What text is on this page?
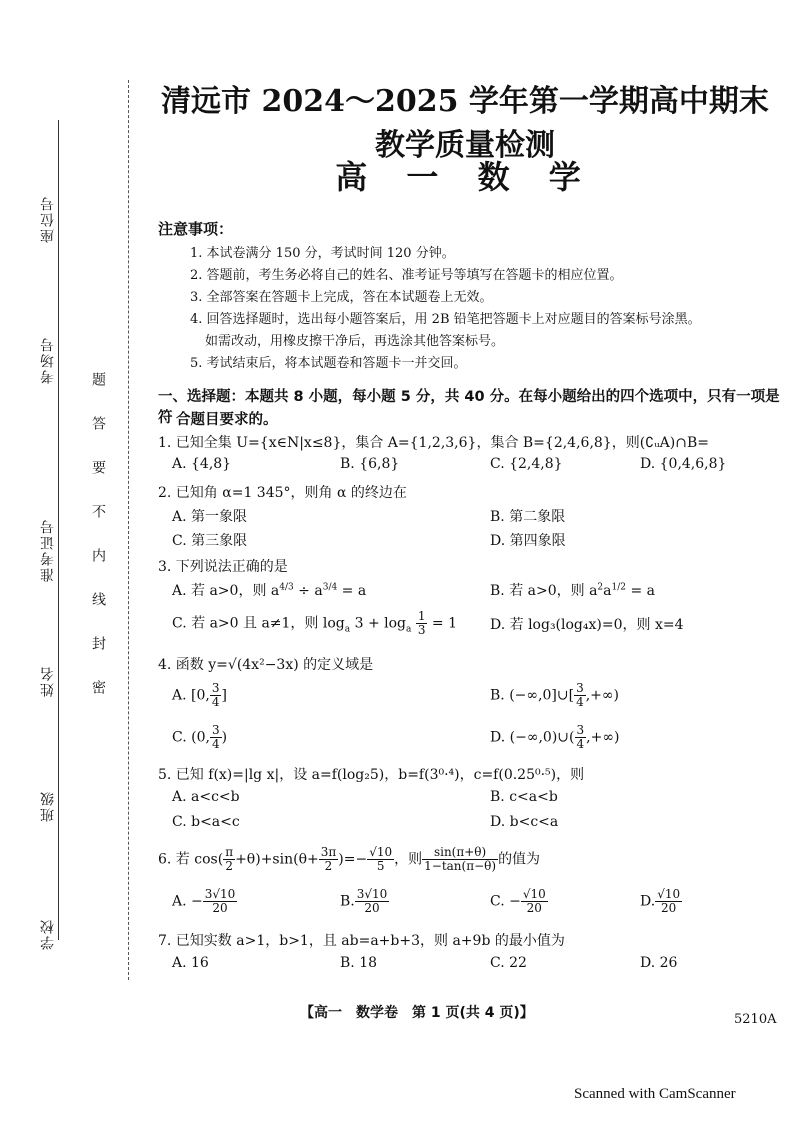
座位号
考场号
准考证号
姓名
班级
学校
题
答
要
不
内
线
封
密
清远市 2024～2025 学年第一学期高中期末教学质量检测
高 一 数 学
注意事项：
1. 本试卷满分 150 分，考试时间 120 分钟。
2. 答题前，考生务必将自己的姓名、准考证号等填写在答题卡的相应位置。
3. 全部答案在答题卡上完成，答在本试题卷上无效。
4. 回答选择题时，选出每小题答案后，用 2B 铅笔把答题卡上对应题目的答案标号涂黑。
如需改动，用橡皮擦干净后，再选涂其他答案标号。
5. 考试结束后，将本试题卷和答题卡一并交回。
一、选择题：本题共 8 小题，每小题 5 分，共 40 分。在每小题给出的四个选项中，只有一项是符 合题目要求的。
1. 已知全集 U={x∈N|x≤8}，集合 A={1,2,3,6}，集合 B={2,4,6,8}，则(∁ᵤA)∩B=
A. {4,8}	B. {6,8}	C. {2,4,8}	D. {0,4,6,8}
2. 已知角 α=1 345°，则角 α 的终边在
A. 第一象限	B. 第二象限
C. 第三象限	D. 第四象限
3. 下列说法正确的是
A. 若 a>0，则 $a^{4/3} \div a^{3/4} = a$	B. 若 a>0，则 $a^2a^{1/2} = a$
C. 若 a>0 且 a≠1，则 $\log_a 3 + \log_a \frac{1}{3} = 1$ D. 若 log₃(log₄x)=0，则 x=4
4. 函数 y=√(4x²−3x) 的定义域是
A. [0, $\frac{3}{4}$ ]	B. (−∞,0]∪[ $\frac{3}{4}$ ,+∞)
C. (0, $\frac{3}{4}$ )	D. (−∞,0)∪( $\frac{3}{4}$ ,+∞)
5. 已知 f(x)=|lg x|，设 a=f(log₂5)，b=f(3⁰·⁴)，c=f(0.25⁰·⁵)，则
A. a<c<b	B. c<a<b
C. b<a<c	D. b<c<a
6. 若 $\cos( \frac{\pi}{2} +\theta)+\sin(\theta+ \frac{3\pi}{2}$ )=− $\frac{√10}{5}$ ，则 $\frac{\sin(\pi+\theta)}{1-\tan(\pi-\theta)}$ 的值为
A. − $\frac{3√10}{20}$	B. $\frac{3√10}{20}$	C. − $\frac{√10}{20}$	D. $\frac{√10}{20}$
7. 已知实数 a>1，b>1，且 ab=a+b+3，则 a+9b 的最小值为
A. 16	B. 18	C. 22	D. 26
【高一　数学卷　第 1 页(共 4 页)】	5210A
Scanned with CamScanner
